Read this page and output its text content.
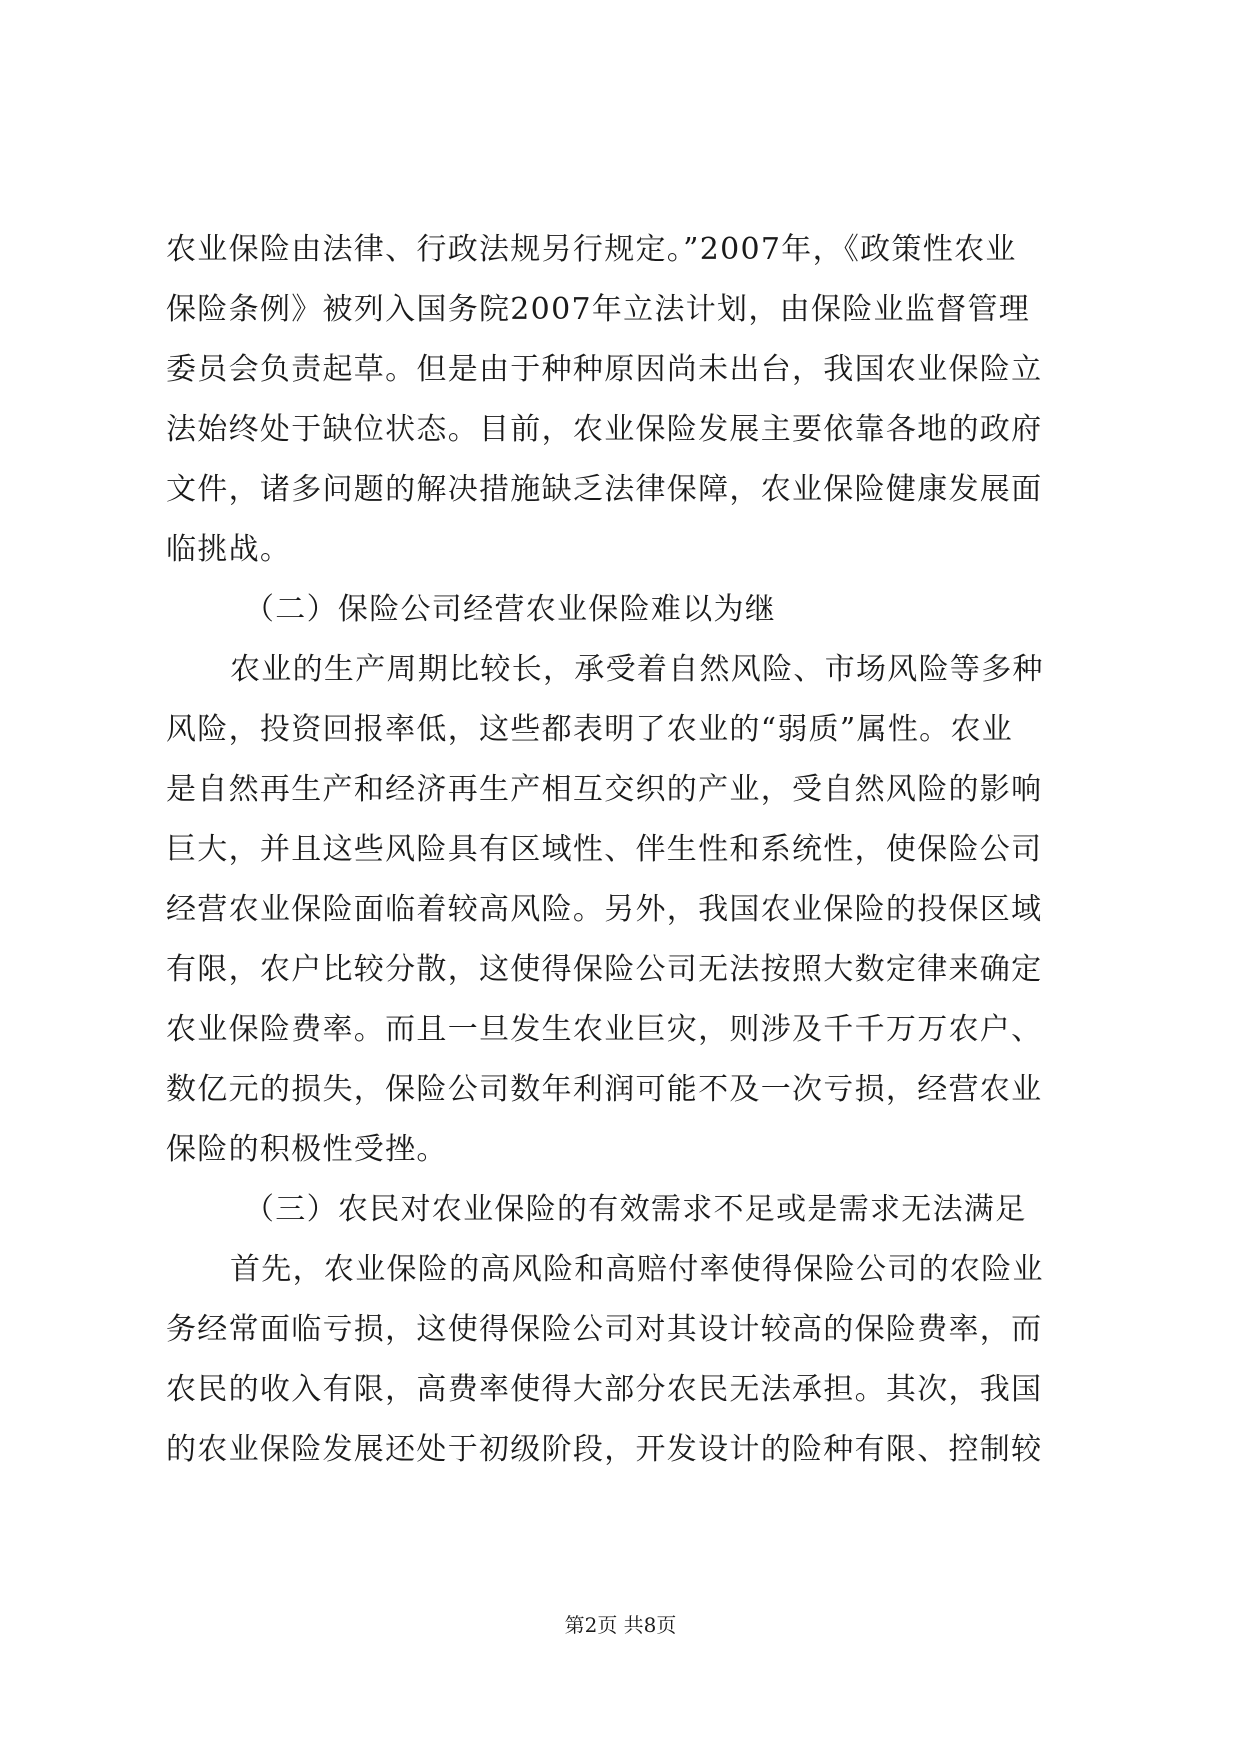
农业保险由法律、行政法规另行规定。”2007年，《政策性农业
保险条例》被列入国务院2007年立法计划，由保险业监督管理
委员会负责起草。但是由于种种原因尚未出台，我国农业保险立
法始终处于缺位状态。目前，农业保险发展主要依靠各地的政府
文件，诸多问题的解决措施缺乏法律保障，农业保险健康发展面
临挑战。
（二）保险公司经营农业保险难以为继
农业的生产周期比较长，承受着自然风险、市场风险等多种
风险，投资回报率低，这些都表明了农业的“弱质”属性。农业
是自然再生产和经济再生产相互交织的产业，受自然风险的影响
巨大，并且这些风险具有区域性、伴生性和系统性，使保险公司
经营农业保险面临着较高风险。另外，我国农业保险的投保区域
有限，农户比较分散，这使得保险公司无法按照大数定律来确定
农业保险费率。而且一旦发生农业巨灾，则涉及千千万万农户、
数亿元的损失，保险公司数年利润可能不及一次亏损，经营农业
保险的积极性受挫。
（三）农民对农业保险的有效需求不足或是需求无法满足
首先，农业保险的高风险和高赔付率使得保险公司的农险业
务经常面临亏损，这使得保险公司对其设计较高的保险费率，而
农民的收入有限，高费率使得大部分农民无法承担。其次，我国
的农业保险发展还处于初级阶段，开发设计的险种有限、控制较
第2页 共8页
